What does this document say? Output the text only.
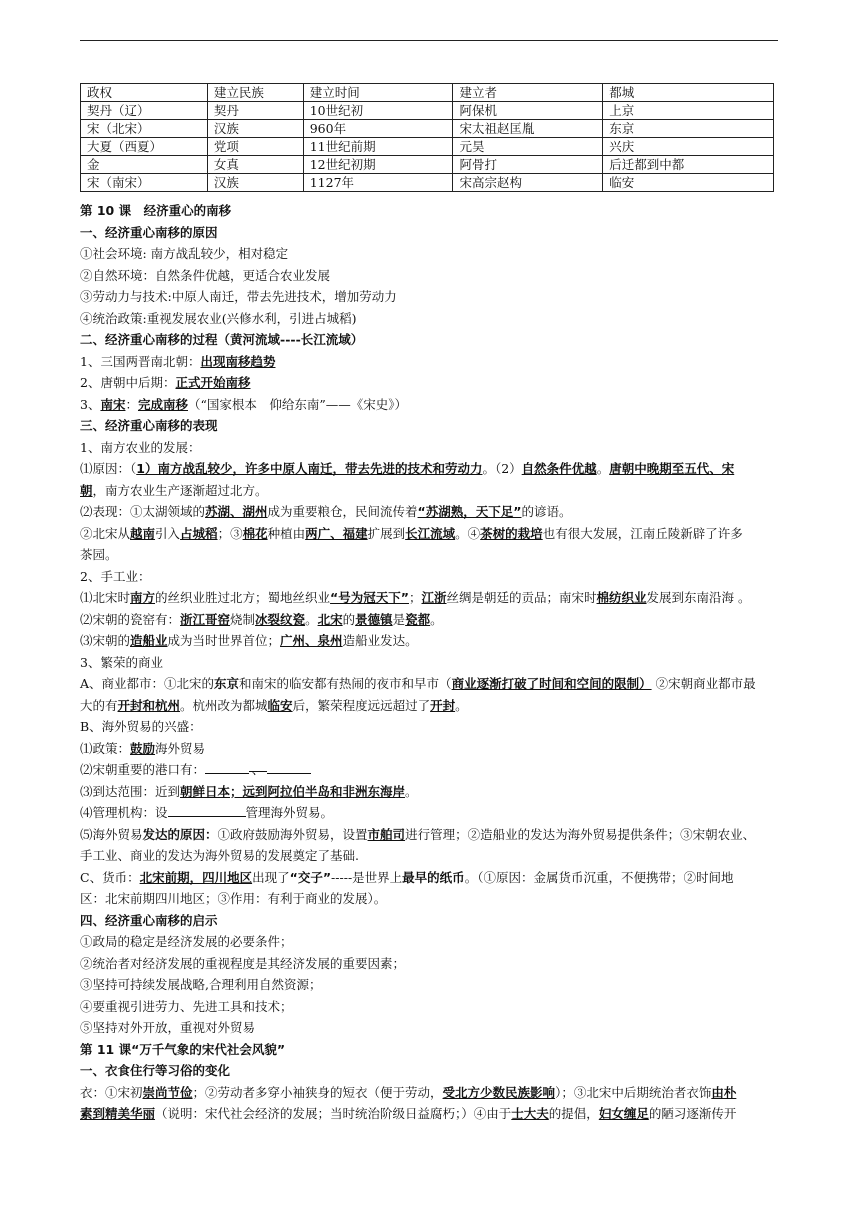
政权	建立民族	建立时间	建立者	都城
契丹（辽）	契丹	10世纪初	阿保机	上京
宋（北宋）	汉族	960年	宋太祖赵匡胤	东京
大夏（西夏）	党项	11世纪前期	元昊	兴庆
金	女真	12世纪初期	阿骨打	后迁都到中都
宋（南宋）	汉族	1127年	宋高宗赵构	临安

第 10 课　经济重心的南移

一、经济重心南移的原因

①社会环境: 南方战乱较少，相对稳定

②自然环境：自然条件优越，更适合农业发展

③劳动力与技术:中原人南迁，带去先进技术，增加劳动力

④统治政策:重视发展农业(兴修水利，引进占城稻)

二、经济重心南移的过程（黄河流域----长江流域）

1、三国两晋南北朝：出现南移趋势

2、唐朝中后期：正式开始南移

3、南宋：完成南移（“国家根本　仰给东南”——《宋史》）

三、经济重心南移的表现

1、南方农业的发展：

⑴原因：（1）南方战乱较少，许多中原人南迁，带去先进的技术和劳动力。（2）自然条件优越。唐朝中晚期至五代、宋

朝，南方农业生产逐渐超过北方。

⑵表现：①太湖领域的苏湖、湖州成为重要粮仓，民间流传着“苏湖熟，天下足”的谚语。

②北宋从越南引入占城稻；③棉花种植由两广、福建扩展到长江流域。④茶树的栽培也有很大发展，江南丘陵新辟了许多

茶园。

2、手工业：

⑴北宋时南方的丝织业胜过北方；蜀地丝织业“号为冠天下”；江浙丝绸是朝廷的贡品；南宋时棉纺织业发展到东南沿海 。

⑵宋朝的瓷窑有：浙江哥窑烧制冰裂纹瓷。北宋的景德镇是瓷都。

⑶宋朝的造船业成为当时世界首位；广州、泉州造船业发达。

3、繁荣的商业

A、商业都市：①北宋的东京和南宋的临安都有热闹的夜市和早市（商业逐渐打破了时间和空间的限制） ②宋朝商业都市最

大的有开封和杭州。杭州改为都城临安后，繁荣程度远远超过了开封。

B、海外贸易的兴盛：

⑴政策：鼓励海外贸易

⑵宋朝重要的港口有：	、

⑶到达范围：近到朝鲜日本；远到阿拉伯半岛和非洲东海岸。

⑷管理机构：设	管理海外贸易。

⑸海外贸易发达的原因：①政府鼓励海外贸易，设置市舶司进行管理；②造船业的发达为海外贸易提供条件；③宋朝农业、

手工业、商业的发达为海外贸易的发展奠定了基础.

C、货币：北宋前期，四川地区出现了“交子”-----是世界上最早的纸币。（①原因：金属货币沉重，不便携带；②时间地

区：北宋前期四川地区；③作用：有利于商业的发展）。

四、经济重心南移的启示

①政局的稳定是经济发展的必要条件；

②统治者对经济发展的重视程度是其经济发展的重要因素；

③坚持可持续发展战略,合理利用自然资源；

④要重视引进劳力、先进工具和技术；

⑤坚持对外开放，重视对外贸易

第 11 课“万千气象的宋代社会风貌”

一、衣食住行等习俗的变化

衣：①宋初崇尚节俭；②劳动者多穿小袖狭身的短衣（便于劳动，受北方少数民族影响）；③北宋中后期统治者衣饰由朴

素到精美华丽（说明：宋代社会经济的发展；当时统治阶级日益腐朽；）④由于士大夫的提倡，妇女缠足的陋习逐渐传开
